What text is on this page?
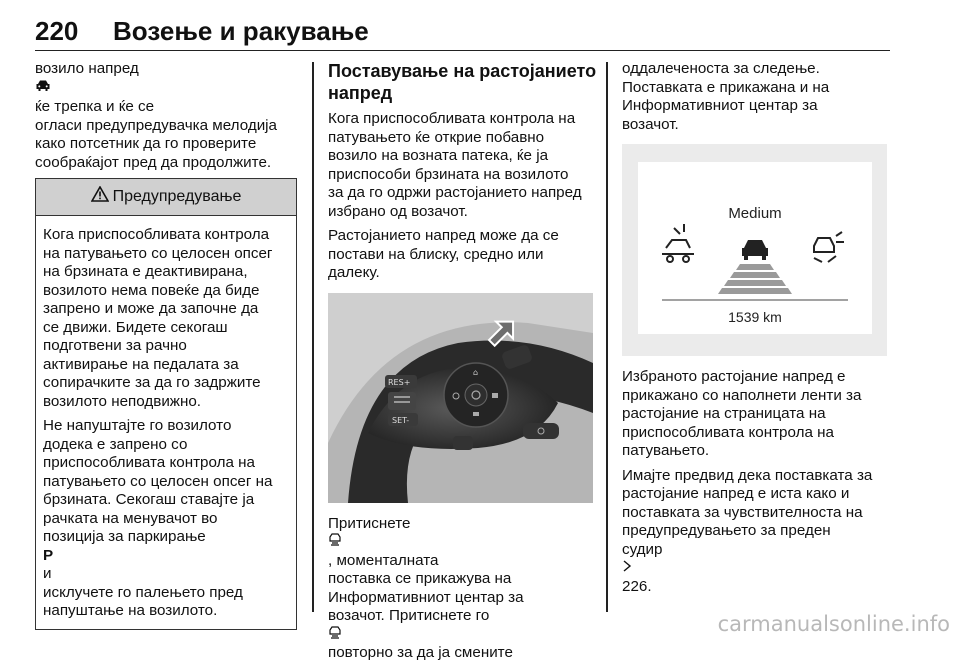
220 Возење и ракување

возило напред
ќе трепка и ќе се
огласи предупредувачка мелодија
како потсетник да го проверите
сообраќајот пред да продолжите.

Предупредување

Кога приспособливата контрола
на патувањето со целосен опсег
на брзината е деактивирана,
возилото нема повеќе да биде
запрено и може да започне да
се движи. Бидете секогаш
подготвени за рачно
активирање на педалата за
сопирачките за да го задржите
возилото неподвижно.

Не напуштајте го возилото
додека е запрено со
приспособливата контрола на
патувањето со целосен опсег на
брзината. Секогаш ставајте ја
рачката на менувачот во
позиција за паркирање
P
и
исклучете го палењето пред
напуштање на возилото.

Поставување на растојанието
напред

Кога приспособливата контрола на
патувањето ќе открие побавно
возило на возната патека, ќе ја
приспособи брзината на возилото
за да го одржи растојанието напред
избрано од возачот.

Растојанието напред може да се
постави на блиску, средно или
далеку.

RES+
SET-
⌂

Притиснете
, моменталната
поставка се прикажува на
Информативниот центар за
возачот. Притиснете го
повторно за да ја смените

оддалеченоста за следење.
Поставката е прикажана и на
Информативниот центар за
возачот.

Medium
1539 km

Избраното растојание напред е
прикажано со наполнети ленти за
растојание на страницата на
приспособливата контрола на
патувањето.

Имајте предвид дека поставката за
растојание напред е иста како и
поставката за чувствителноста на
предупредувањето за преден
судир
226.

carmanualsonline.info
